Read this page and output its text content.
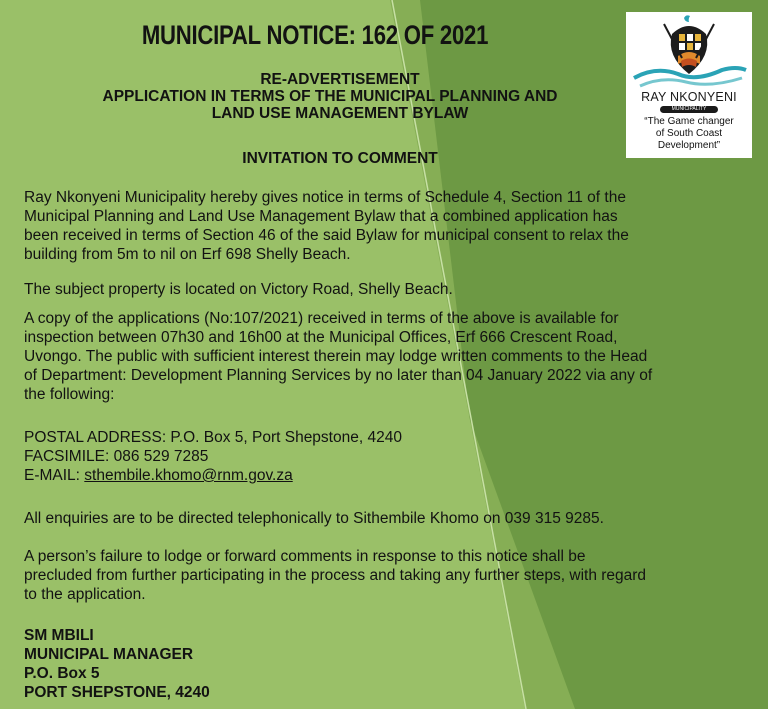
MUNICIPAL NOTICE: 162 OF 2021
RE-ADVERTISEMENT
APPLICATION IN TERMS OF THE MUNICIPAL PLANNING AND
LAND USE MANAGEMENT BYLAW
INVITATION TO COMMENT
RAY NKONYENI
MUNICIPALITY
“The Game changer
of South Coast
Development”
Ray Nkonyeni Municipality hereby gives notice in terms of Schedule 4, Section 11 of the
Municipal Planning and Land Use Management Bylaw that a combined application has
been received in terms of Section 46 of the said Bylaw for municipal consent to relax the
building from 5m to nil on Erf 698 Shelly Beach.
The subject property is located on Victory Road, Shelly Beach.
A copy of the applications (No:107/2021) received in terms of the above is available for
inspection between 07h30 and 16h00 at the Municipal Offices, Erf 666 Crescent Road,
Uvongo. The public with sufficient interest therein may lodge written comments to the Head
of Department: Development Planning Services by no later than 04 January 2022 via any of
the following:
POSTAL ADDRESS: P.O. Box 5, Port Shepstone, 4240
FACSIMILE: 086 529 7285
E-MAIL: sthembile.khomo@rnm.gov.za
All enquiries are to be directed telephonically to Sithembile Khomo on 039 315 9285.
A person’s failure to lodge or forward comments in response to this notice shall be
precluded from further participating in the process and taking any further steps, with regard
to the application.
SM MBILI
MUNICIPAL MANAGER
P.O. Box 5
PORT SHEPSTONE, 4240
